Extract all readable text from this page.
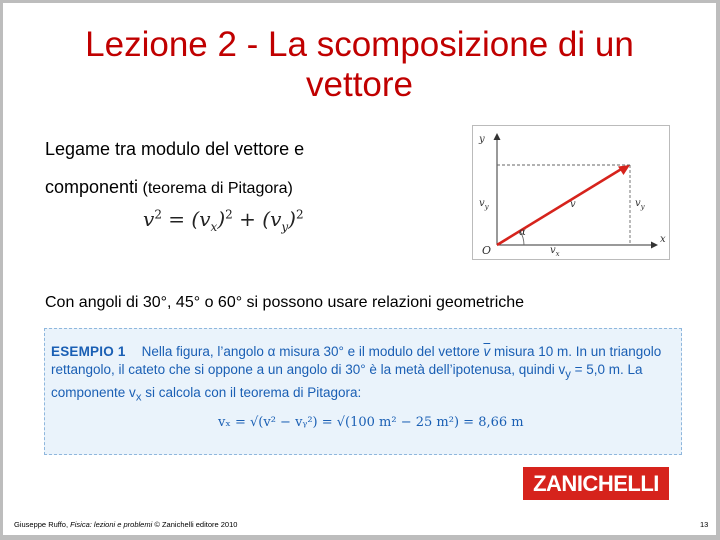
Lezione 2 - La scomposizione di un
vettore
Legame tra modulo del vettore e
componenti (teorema di Pitagora)
$v^2 = (v_x)^2 + (v_y)^2$
y
x
O
$v_y$	v	$v_y$
α
$v_x$
Con angoli di 30°, 45° o 60° si possono usare relazioni geometriche
ESEMPIO 1 Nella figura, l’angolo α misura 30° e il modulo del vettore $\overline{v}$ misura 10 m. In un triangolo rettangolo, il cateto che si oppone a un angolo di 30° è la metà dell’ipotenusa, quindi $v_y = 5,0$ m. La componente $v_x$ si calcola con il teorema di Pitagora:
vₓ = √(v² − vᵧ²) = √(100 m² − 25 m²) = 8,66 m
ZANICHELLI
Giuseppe Ruffo, Fisica: lezioni e problemi © Zanichelli editore 2010	13
